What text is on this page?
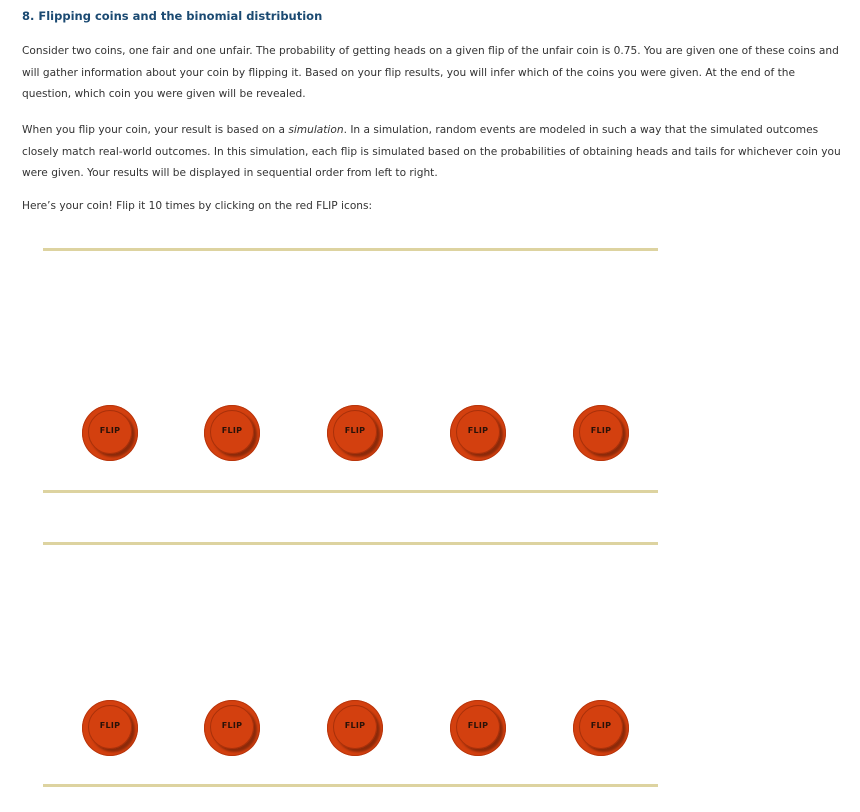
8. Flipping coins and the binomial distribution

Consider two coins, one fair and one unfair. The probability of getting heads on a given flip of the unfair coin is 0.75. You are given one of these coins and will gather information about your coin by flipping it. Based on your flip results, you will infer which of the coins you were given. At the end of the question, which coin you were given will be revealed.

When you flip your coin, your result is based on a simulation. In a simulation, random events are modeled in such a way that the simulated outcomes closely match real-world outcomes. In this simulation, each flip is simulated based on the probabilities of obtaining heads and tails for whichever coin you were given. Your results will be displayed in sequential order from left to right.

Here’s your coin! Flip it 10 times by clicking on the red FLIP icons:

FLIP	FLIP	FLIP	FLIP	FLIP
FLIP	FLIP	FLIP	FLIP	FLIP
